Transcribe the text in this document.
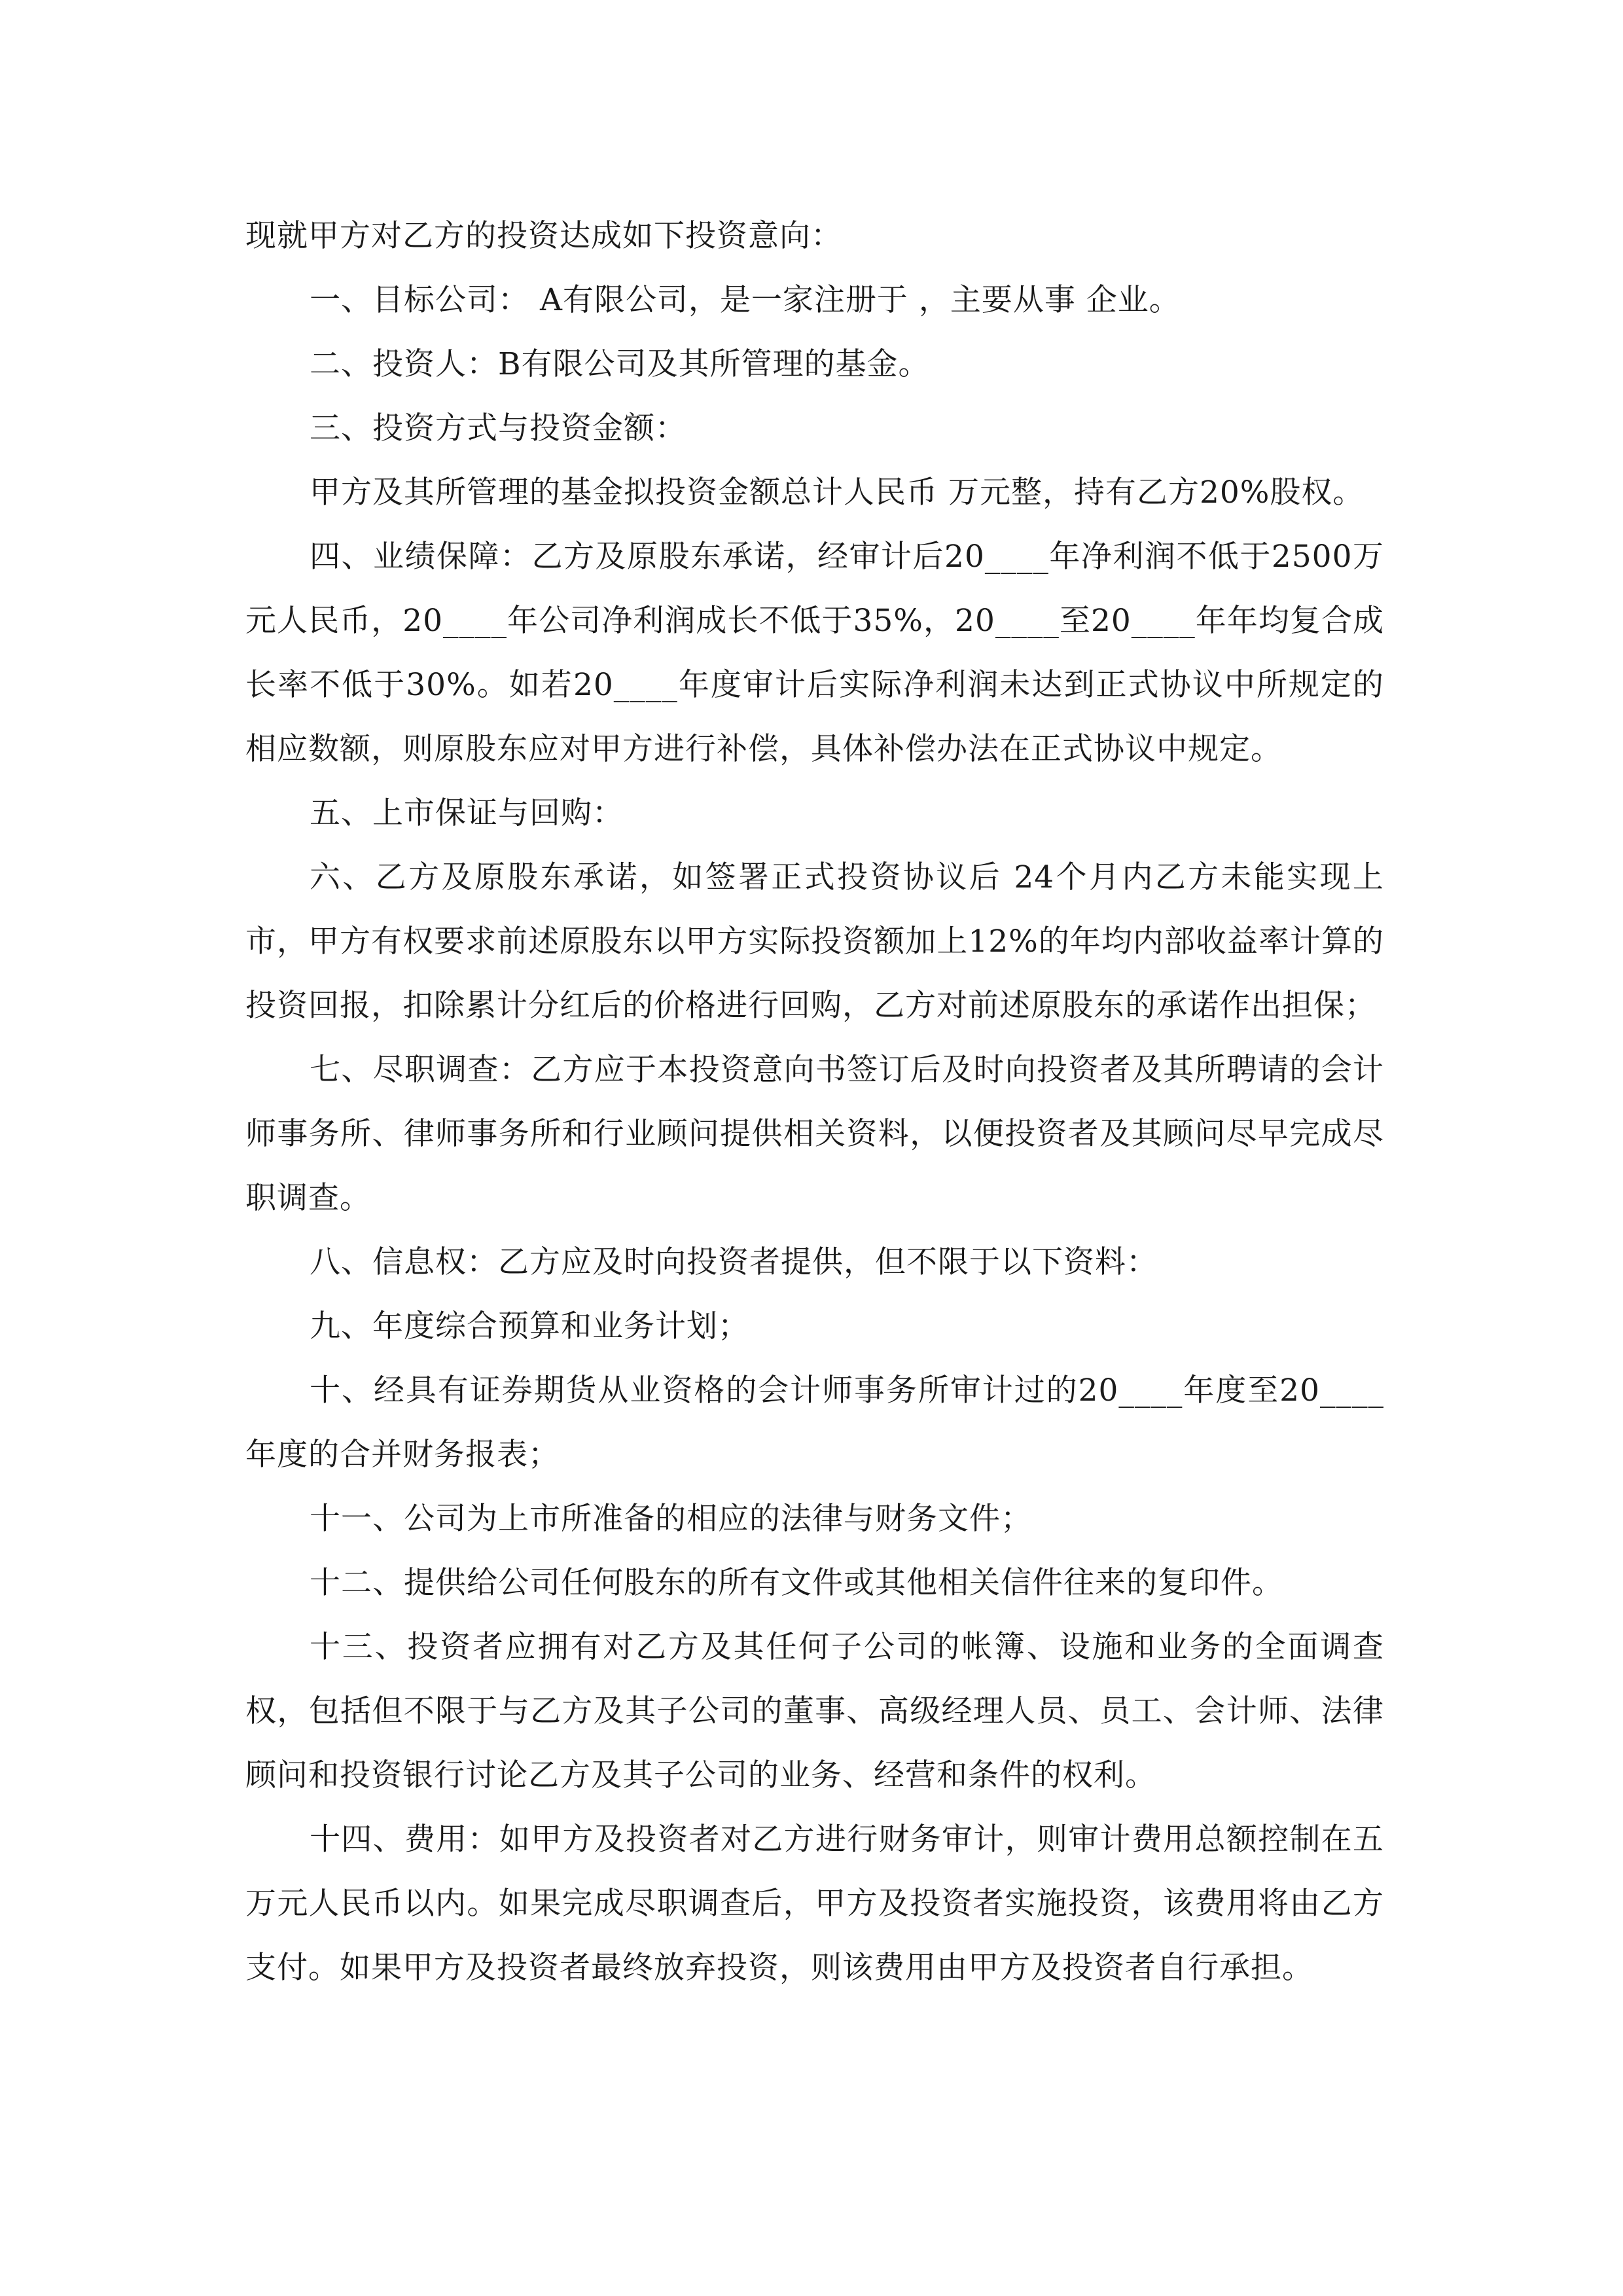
现就甲方对乙方的投资达成如下投资意向：

一、目标公司： A有限公司，是一家注册于 ，主要从事 企业。

二、投资人：B有限公司及其所管理的基金。

三、投资方式与投资金额：

甲方及其所管理的基金拟投资金额总计人民币 万元整，持有乙方20%股权。

四、业绩保障：乙方及原股东承诺，经审计后20____年净利润不低于2500万元人民币，20____年公司净利润成长不低于35%，20____至20____年年均复合成长率不低于30%。如若20____年度审计后实际净利润未达到正式协议中所规定的相应数额，则原股东应对甲方进行补偿，具体补偿办法在正式协议中规定。

五、上市保证与回购：

六、乙方及原股东承诺，如签署正式投资协议后 24个月内乙方未能实现上市，甲方有权要求前述原股东以甲方实际投资额加上12%的年均内部收益率计算的投资回报，扣除累计分红后的价格进行回购，乙方对前述原股东的承诺作出担保；

七、尽职调查：乙方应于本投资意向书签订后及时向投资者及其所聘请的会计师事务所、律师事务所和行业顾问提供相关资料，以便投资者及其顾问尽早完成尽职调查。

八、信息权：乙方应及时向投资者提供，但不限于以下资料：

九、年度综合预算和业务计划；

十、经具有证券期货从业资格的会计师事务所审计过的20____年度至20____年度的合并财务报表；

十一、公司为上市所准备的相应的法律与财务文件；

十二、提供给公司任何股东的所有文件或其他相关信件往来的复印件。

十三、投资者应拥有对乙方及其任何子公司的帐簿、设施和业务的全面调查权，包括但不限于与乙方及其子公司的董事、高级经理人员、员工、会计师、法律顾问和投资银行讨论乙方及其子公司的业务、经营和条件的权利。

十四、费用：如甲方及投资者对乙方进行财务审计，则审计费用总额控制在五万元人民币以内。如果完成尽职调查后，甲方及投资者实施投资，该费用将由乙方支付。如果甲方及投资者最终放弃投资，则该费用由甲方及投资者自行承担。
